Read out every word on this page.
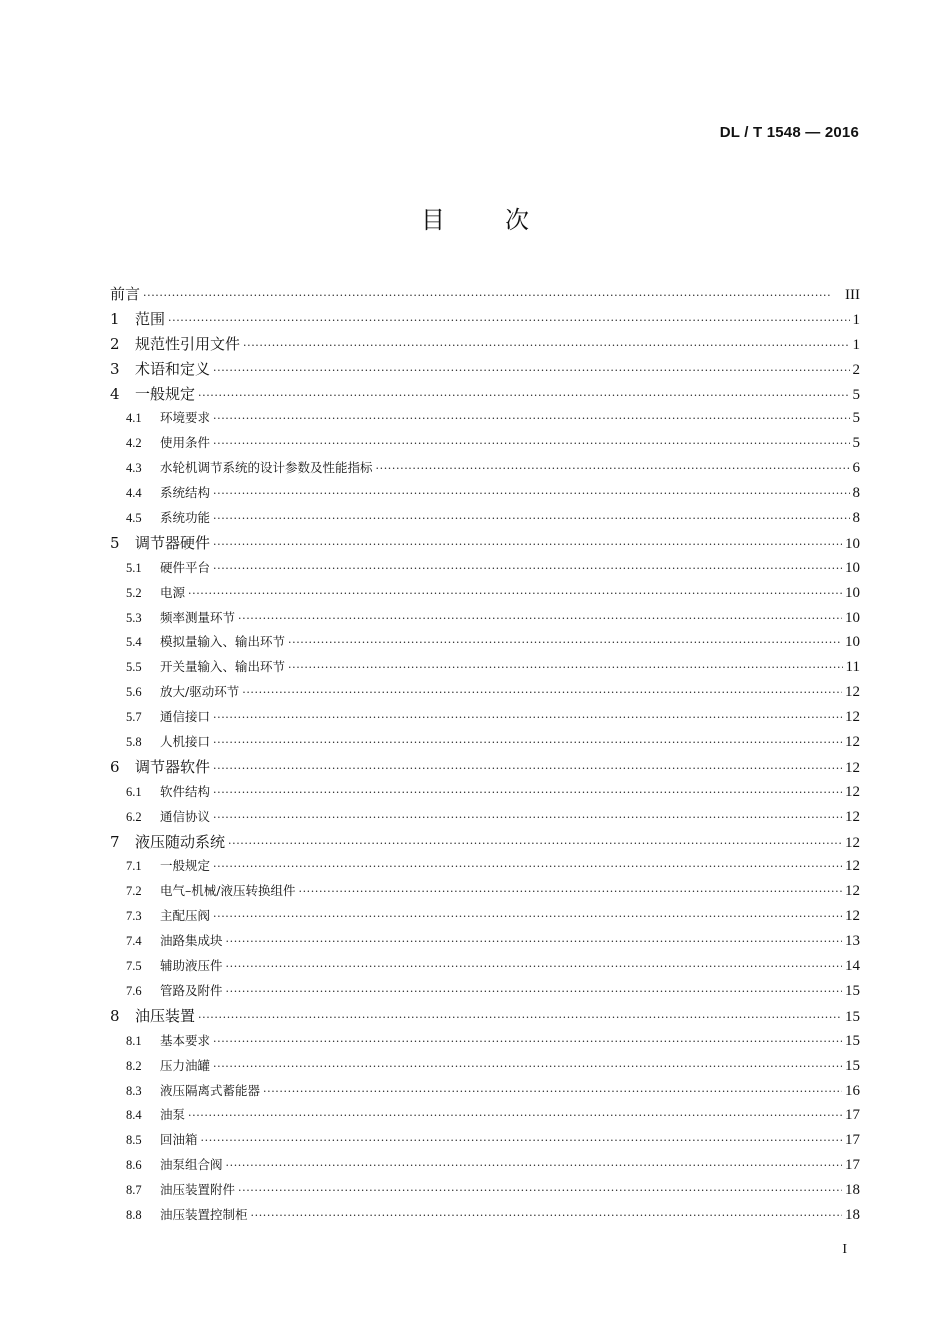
DL / T 1548 — 2016
目次
前言 ·····	III
1	范围 ·····	1
2	规范性引用文件 ·····	1
3	术语和定义 ·····	2
4	一般规定 ·····	5
4.1	环境要求 ·····	5
4.2	使用条件 ·····	5
4.3	水轮机调节系统的设计参数及性能指标 ·····	6
4.4	系统结构 ·····	8
4.5	系统功能 ·····	8
5	调节器硬件 ·····	10
5.1	硬件平台 ·····	10
5.2	电源 ·····	10
5.3	频率测量环节 ·····	10
5.4	模拟量输入、输出环节 ·····	10
5.5	开关量输入、输出环节 ·····	11
5.6	放大/驱动环节 ·····	12
5.7	通信接口 ·····	12
5.8	人机接口 ·····	12
6	调节器软件 ·····	12
6.1	软件结构 ·····	12
6.2	通信协议 ·····	12
7	液压随动系统 ·····	12
7.1	一般规定 ·····	12
7.2	电气–机械/液压转换组件 ·····	12
7.3	主配压阀 ·····	12
7.4	油路集成块 ·····	13
7.5	辅助液压件 ·····	14
7.6	管路及附件 ·····	15
8	油压装置 ·····	15
8.1	基本要求 ·····	15
8.2	压力油罐 ·····	15
8.3	液压隔离式蓄能器 ·····	16
8.4	油泵 ·····	17
8.5	回油箱 ·····	17
8.6	油泵组合阀 ·····	17
8.7	油压装置附件 ·····	18
8.8	油压装置控制柜 ·····	18
I
